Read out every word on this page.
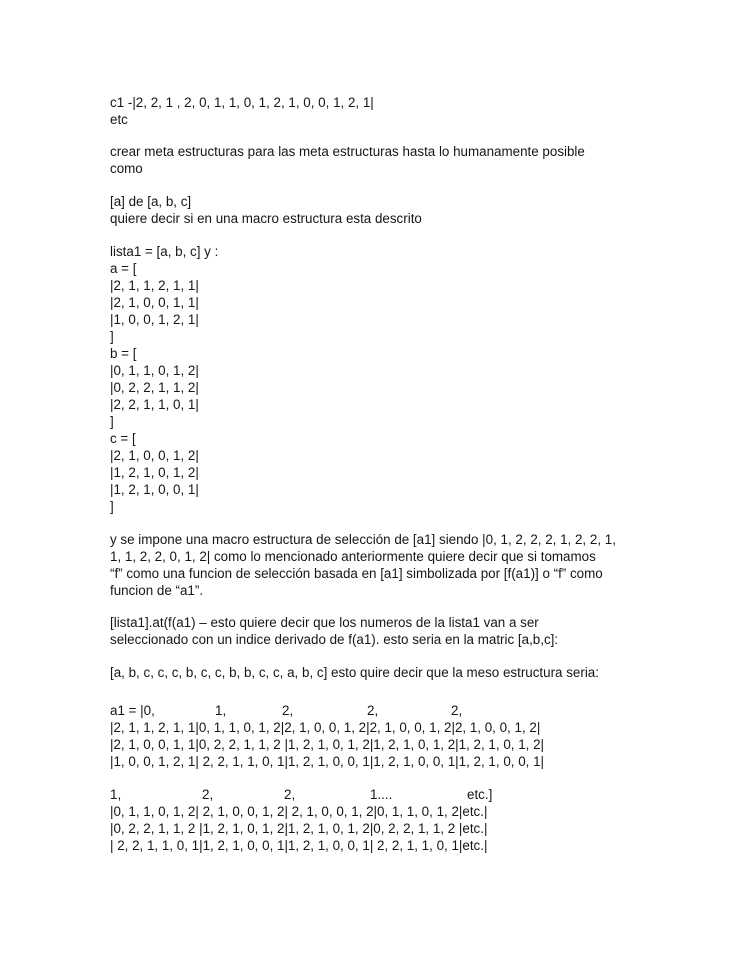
c1 -|2, 2, 1 , 2, 0, 1, 1, 0, 1, 2, 1, 0, 0, 1, 2, 1|
etc
crear meta estructuras para las meta estructuras hasta lo humanamente posible
como
[a] de [a, b, c]
quiere decir si en una macro estructura esta descrito
lista1 = [a, b, c] y :
a = [
|2, 1, 1, 2, 1, 1|
|2, 1, 0, 0, 1, 1|
|1, 0, 0, 1, 2, 1|
]
b = [
|0, 1, 1, 0, 1, 2|
|0, 2, 2, 1, 1, 2|
|2, 2, 1, 1, 0, 1|
]
c = [
|2, 1, 0, 0, 1, 2|
|1, 2, 1, 0, 1, 2|
|1, 2, 1, 0, 0, 1|
]
y se impone una macro estructura de selección de [a1] siendo |0, 1, 2, 2, 2, 1, 2, 2, 1,
1, 1, 2, 2, 0, 1, 2| como lo mencionado anteriormente quiere decir que si tomamos
“f” como una funcion de selección basada en [a1] simbolizada por [f(a1)] o “f” como
funcion de “a1”.
[lista1].at(f(a1) – esto quiere decir que los numeros de la lista1 van a ser
seleccionado con un indice derivado de f(a1). esto seria en la matric [a,b,c]:
[a, b, c, c, c, b, c, c, b, b, c, c, a, b, c] esto quire decir que la meso estructura seria:

a1 = |0,

	1,

	2,

	2,

	2,

|2, 1, 1, 2, 1, 1|0, 1, 1, 0, 1, 2|2, 1, 0, 0, 1, 2|2, 1, 0, 0, 1, 2|2, 1, 0, 0, 1, 2|
|2, 1, 0, 0, 1, 1|0, 2, 2, 1, 1, 2 |1, 2, 1, 0, 1, 2|1, 2, 1, 0, 1, 2|1, 2, 1, 0, 1, 2|
|1, 0, 0, 1, 2, 1| 2, 2, 1, 1, 0, 1|1, 2, 1, 0, 0, 1|1, 2, 1, 0, 0, 1|1, 2, 1, 0, 0, 1|

1,

	2,

	2,

	1....

	etc.]

|0, 1, 1, 0, 1, 2| 2, 1, 0, 0, 1, 2| 2, 1, 0, 0, 1, 2|0, 1, 1, 0, 1, 2|etc.|
|0, 2, 2, 1, 1, 2 |1, 2, 1, 0, 1, 2|1, 2, 1, 0, 1, 2|0, 2, 2, 1, 1, 2 |etc.|
| 2, 2, 1, 1, 0, 1|1, 2, 1, 0, 0, 1|1, 2, 1, 0, 0, 1| 2, 2, 1, 1, 0, 1|etc.|
